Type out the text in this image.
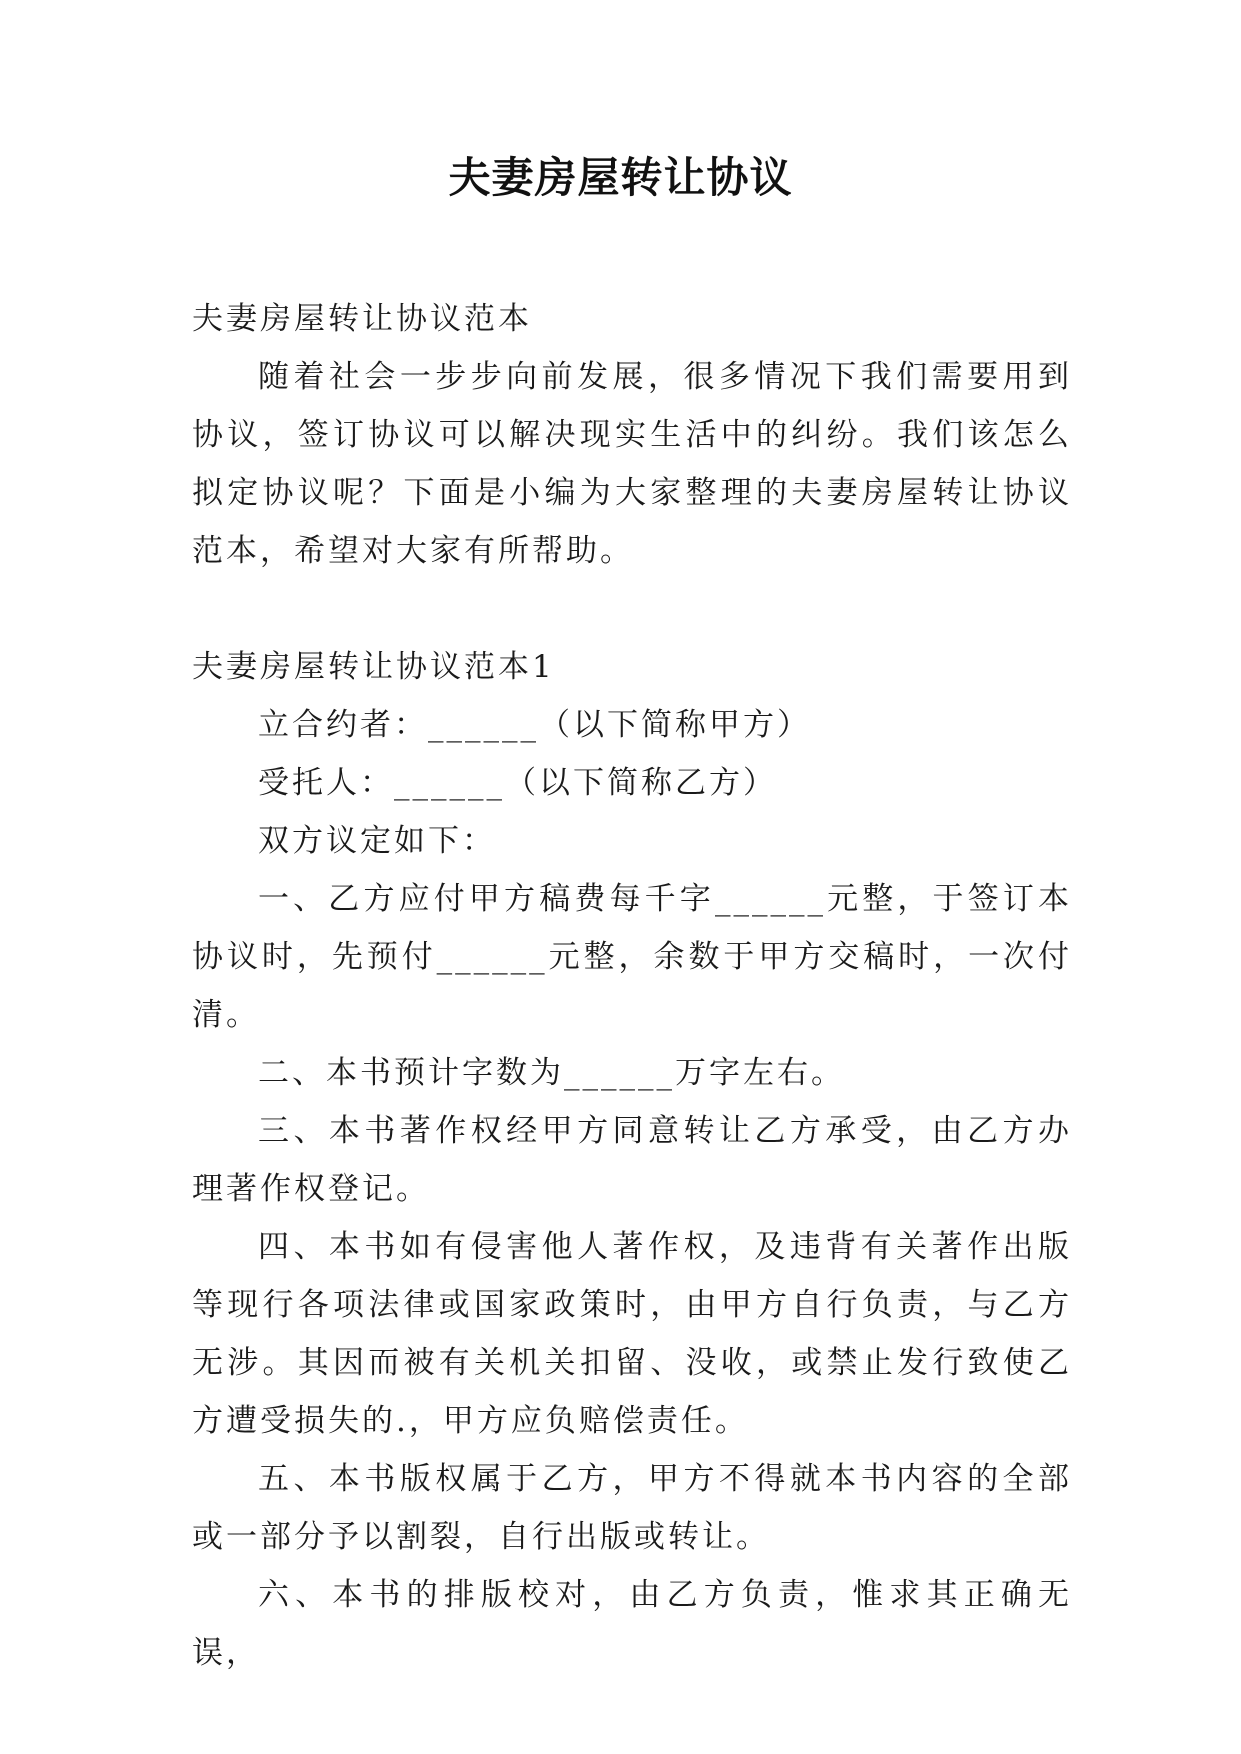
夫妻房屋转让协议

夫妻房屋转让协议范本

随着社会一步步向前发展，很多情况下我们需要用到协议，签订协议可以解决现实生活中的纠纷。我们该怎么拟定协议呢？下面是小编为大家整理的夫妻房屋转让协议范本，希望对大家有所帮助。

夫妻房屋转让协议范本1

立合约者：______（以下简称甲方）

受托人：______（以下简称乙方）

双方议定如下：

一、乙方应付甲方稿费每千字______元整，于签订本协议时，先预付______元整，余数于甲方交稿时，一次付清。

二、本书预计字数为______万字左右。

三、本书著作权经甲方同意转让乙方承受，由乙方办理著作权登记。

四、本书如有侵害他人著作权，及违背有关著作出版等现行各项法律或国家政策时，由甲方自行负责，与乙方无涉。其因而被有关机关扣留、没收，或禁止发行致使乙方遭受损失的.，甲方应负赔偿责任。

五、本书版权属于乙方，甲方不得就本书内容的全部或一部分予以割裂，自行出版或转让。

六、本书的排版校对，由乙方负责，惟求其正确无误，
